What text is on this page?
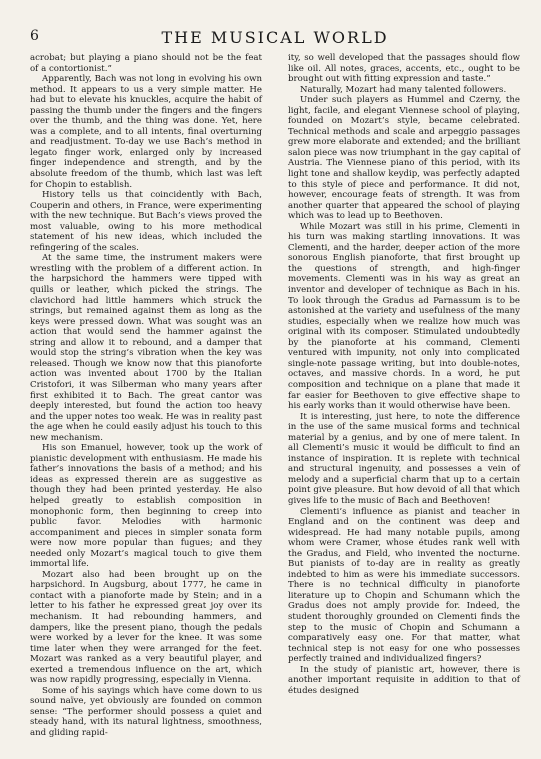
6	THE MUSICAL WORLD

acrobat; but playing a piano should not be the feat of a contortionist.”

Apparently, Bach was not long in evolving his own method. It appears to us a very simple matter. He had but to elevate his knuckles, acquire the habit of passing the thumb under the fingers and the fingers over the thumb, and the thing was done. Yet, here was a complete, and to all intents, final overturning and readjustment. To-day we use Bach’s method in legato finger work, enlarged only by increased finger independence and strength, and by the absolute freedom of the thumb, which last was left for Chopin to establish.

History tells us that coincidently with Bach, Couperin and others, in France, were experimenting with the new technique. But Bach’s views proved the most valuable, owing to his more methodical statement of his new ideas, which included the refingering of the scales.

At the same time, the instrument makers were wrestling with the problem of a different action. In the harpsichord the hammers were tipped with quills or leather, which picked the strings. The clavichord had little hammers which struck the strings, but remained against them as long as the keys were pressed down. What was sought was an action that would send the hammer against the string and allow it to rebound, and a damper that would stop the string’s vibration when the key was released. Though we know now that this pianoforte action was invented about 1700 by the Italian Cristofori, it was Silberman who many years after first exhibited it to Bach. The great cantor was deeply interested, but found the action too heavy and the upper notes too weak. He was in reality past the age when he could easily adjust his touch to this new mechanism.

His son Emanuel, however, took up the work of pianistic development with enthusiasm. He made his father’s innovations the basis of a method; and his ideas as expressed therein are as suggestive as though they had been printed yesterday. He also helped greatly to establish composition in monophonic form, then beginning to creep into public favor. Melodies with harmonic accompaniment and pieces in simpler sonata form were now more popular than fugues; and they needed only Mozart’s magical touch to give them immortal life.

Mozart also had been brought up on the harpsichord. In Augsburg, about 1777, he came in contact with a pianoforte made by Stein; and in a letter to his father he expressed great joy over its mechanism. It had rebounding hammers, and dampers, like the present piano, though the pedals were worked by a lever for the knee. It was some time later when they were arranged for the feet. Mozart was ranked as a very beautiful player, and exerted a tremendous influence on the art, which was now rapidly progressing, especially in Vienna.

Some of his sayings which have come down to us sound naïve, yet obviously are founded on common sense: “The performer should possess a quiet and steady hand, with its natural lightness, smoothness, and gliding rapid-

ity, so well developed that the passages should flow like oil. All notes, graces, accents, etc., ought to be brought out with fitting expression and taste.”

Naturally, Mozart had many talented followers.

Under such players as Hummel and Czerny, the light, facile, and elegant Viennese school of playing, founded on Mozart’s style, became celebrated. Technical methods and scale and arpeggio passages grew more elaborate and extended; and the brilliant salon piece was now triumphant in the gay capital of Austria. The Viennese piano of this period, with its light tone and shallow keydip, was perfectly adapted to this style of piece and performance. It did not, however, encourage feats of strength. It was from another quarter that appeared the school of playing which was to lead up to Beethoven.

While Mozart was still in his prime, Clementi in his turn was making startling innovations. It was Clementi, and the harder, deeper action of the more sonorous English pianoforte, that first brought up the questions of strength, and high-finger movements. Clementi was in his way as great an inventor and developer of technique as Bach in his. To look through the Gradus ad Parnassum is to be astonished at the variety and usefulness of the many studies, especially when we realize how much was original with its composer. Stimulated undoubtedly by the pianoforte at his command, Clementi ventured with impunity, not only into complicated single-note passage writing, but into double-notes, octaves, and massive chords. In a word, he put composition and technique on a plane that made it far easier for Beethoven to give effective shape to his early works than it would otherwise have been.

It is interesting, just here, to note the difference in the use of the same musical forms and technical material by a genius, and by one of mere talent. In all Clementi’s music it would be difficult to find an instance of inspiration. It is replete with technical and structural ingenuity, and possesses a vein of melody and a superficial charm that up to a certain point give pleasure. But how devoid of all that which gives life to the music of Bach and Beethoven!

Clementi’s influence as pianist and teacher in England and on the continent was deep and widespread. He had many notable pupils, among whom were Cramer, whose études rank well with the Gradus, and Field, who invented the nocturne. But pianists of to-day are in reality as greatly indebted to him as were his immediate successors. There is no technical difficulty in pianoforte literature up to Chopin and Schumann which the Gradus does not amply provide for. Indeed, the student thoroughly grounded on Clementi finds the step to the music of Chopin and Schumann a comparatively easy one. For that matter, what technical step is not easy for one who possesses perfectly trained and individualized fingers?

In the study of pianistic art, however, there is another important requisite in addition to that of études designed
